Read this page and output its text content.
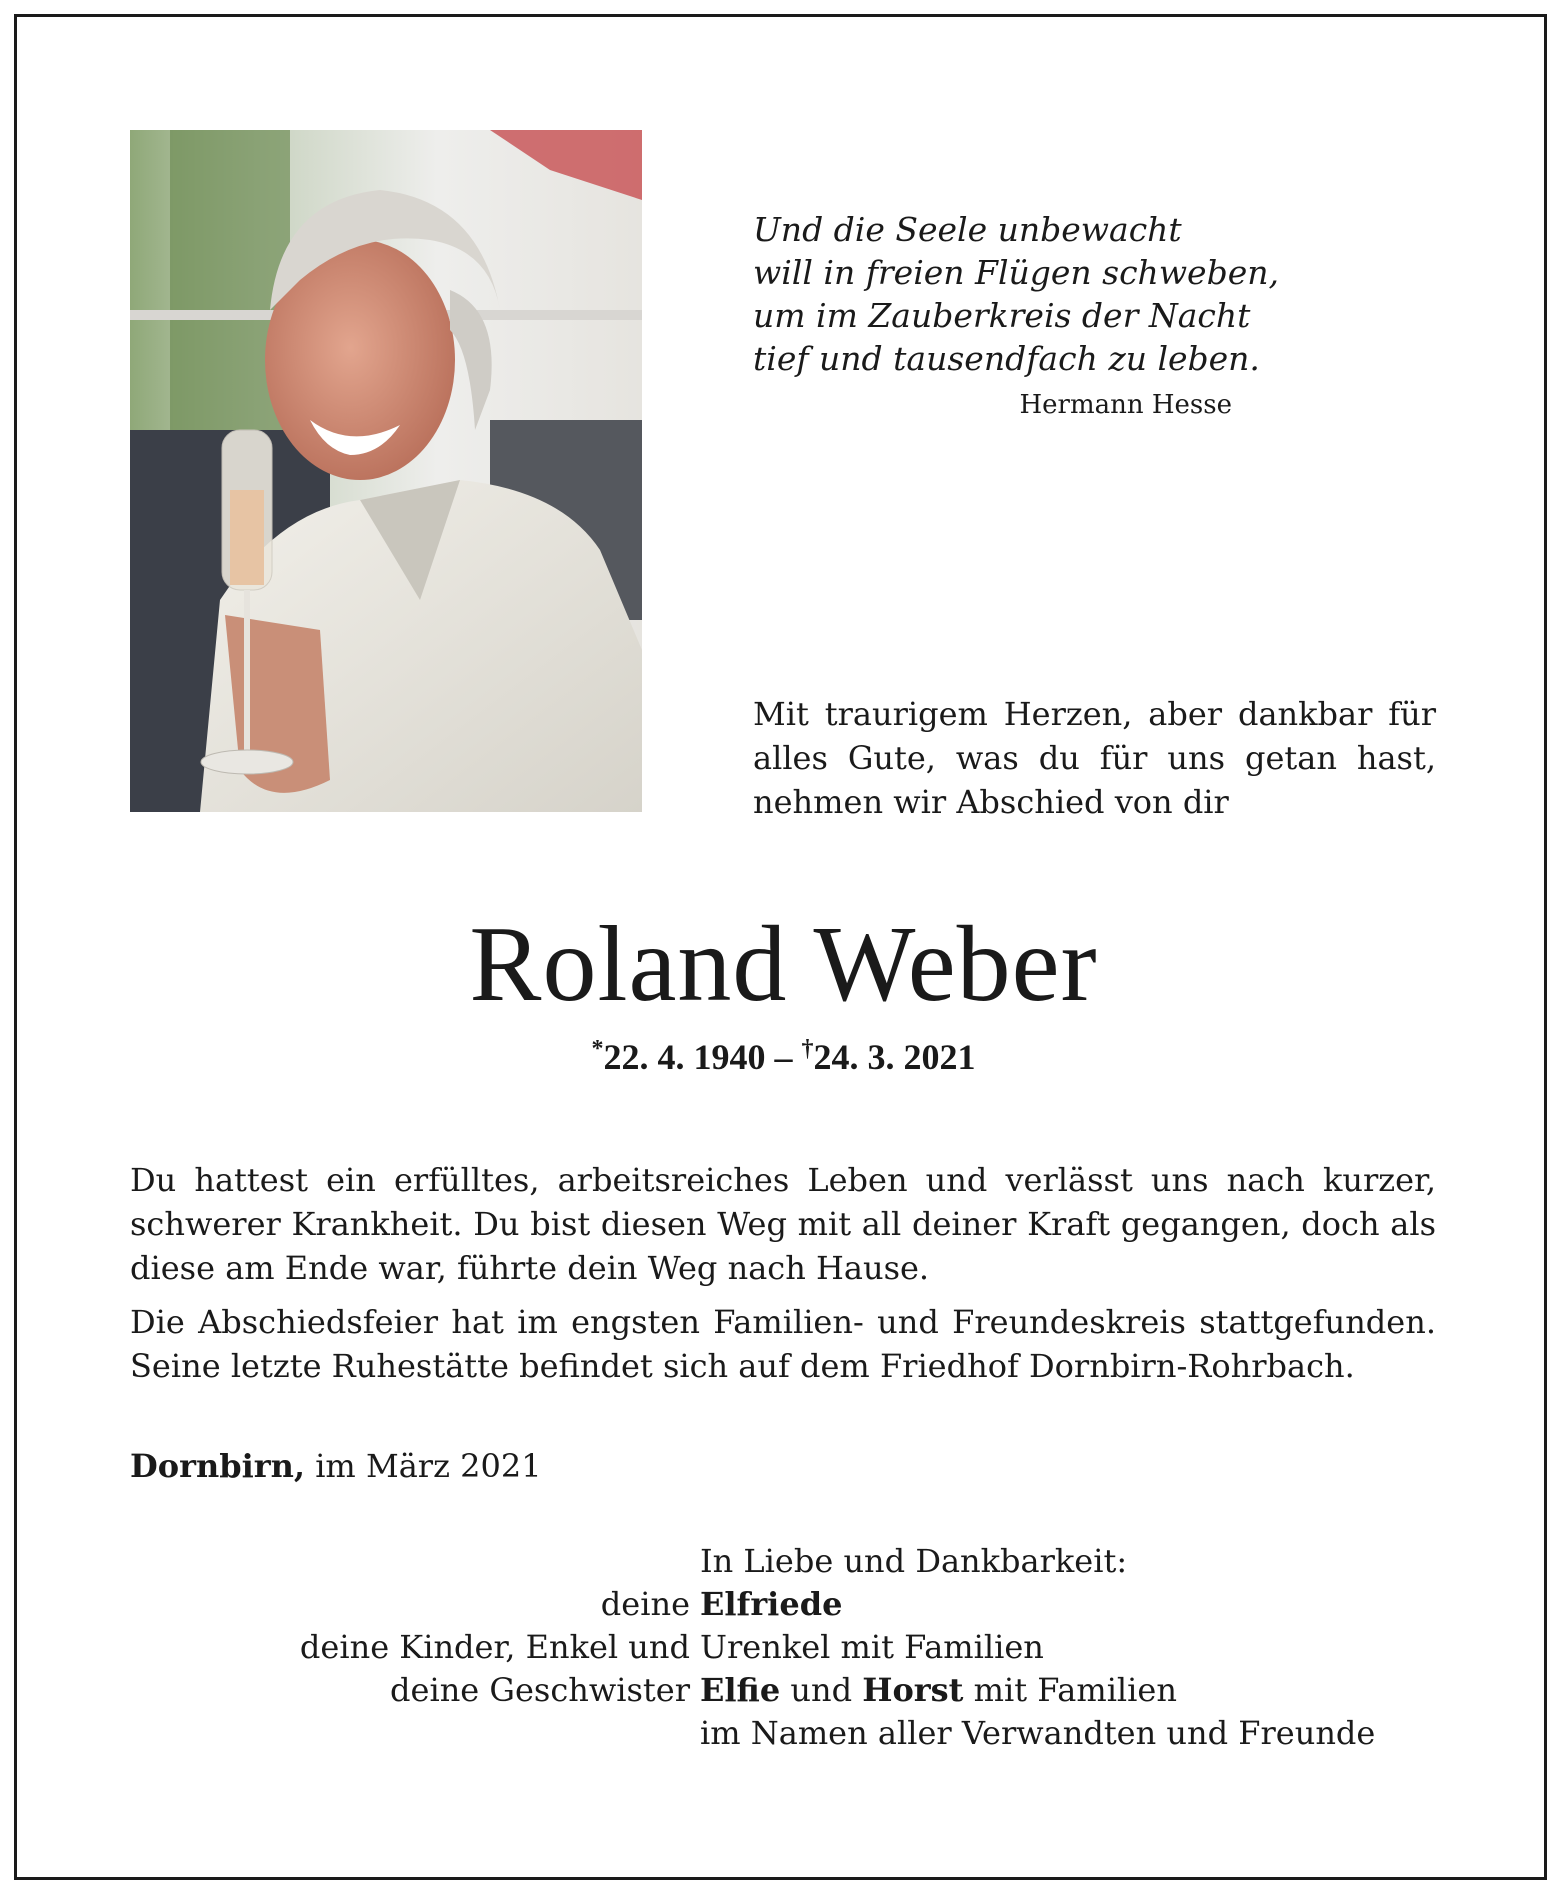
Und die Seele unbewacht
will in freien Flügen schweben,
um im Zauberkreis der Nacht
tief und tausendfach zu leben.
Hermann Hesse
Mit traurigem Herzen, aber dankbar für alles Gute, was du für uns getan hast, nehmen wir Abschied von dir
Roland Weber
*22. 4. 1940 – †24. 3. 2021

Du hattest ein erfülltes, arbeitsreiches Leben und verlässt uns nach kurzer, schwerer Krankheit. Du bist diesen Weg mit all deiner Kraft gegangen, doch als diese am Ende war, führte dein Weg nach Hause.

Die Abschiedsfeier hat im engsten Familien- und Freundeskreis stattgefunden. Seine letzte Ruhestätte befindet sich auf dem Friedhof Dornbirn-Rohrbach.

Dornbirn, im März 2021
In Liebe und Dankbarkeit:
deine Elfriede
deine Kinder, Enkel und Urenkel mit Familien
deine Geschwister Elfie und Horst mit Familien
im Namen aller Verwandten und Freunde
